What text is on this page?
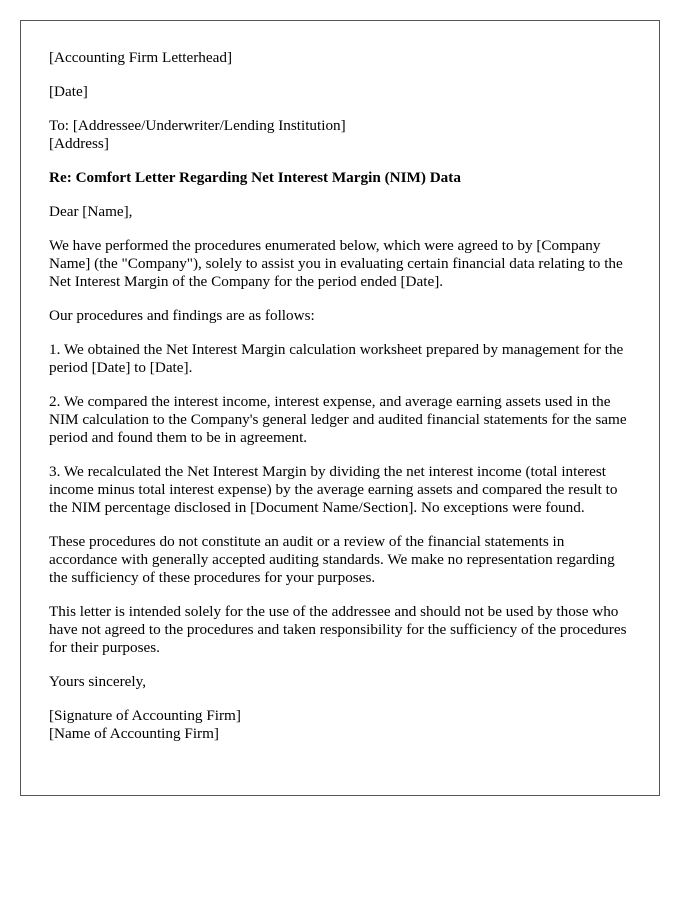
[Accounting Firm Letterhead]

[Date]

To: [Addressee/Underwriter/Lending Institution]
[Address]

Re: Comfort Letter Regarding Net Interest Margin (NIM) Data

Dear [Name],

We have performed the procedures enumerated below, which were agreed to by [Company Name] (the "Company"), solely to assist you in evaluating certain financial data relating to the Net Interest Margin of the Company for the period ended [Date].

Our procedures and findings are as follows:

1. We obtained the Net Interest Margin calculation worksheet prepared by management for the period [Date] to [Date].

2. We compared the interest income, interest expense, and average earning assets used in the NIM calculation to the Company's general ledger and audited financial statements for the same period and found them to be in agreement.

3. We recalculated the Net Interest Margin by dividing the net interest income (total interest income minus total interest expense) by the average earning assets and compared the result to the NIM percentage disclosed in [Document Name/Section]. No exceptions were found.

These procedures do not constitute an audit or a review of the financial statements in accordance with generally accepted auditing standards. We make no representation regarding the sufficiency of these procedures for your purposes.

This letter is intended solely for the use of the addressee and should not be used by those who have not agreed to the procedures and taken responsibility for the sufficiency of the procedures for their purposes.

Yours sincerely,

[Signature of Accounting Firm]
[Name of Accounting Firm]
